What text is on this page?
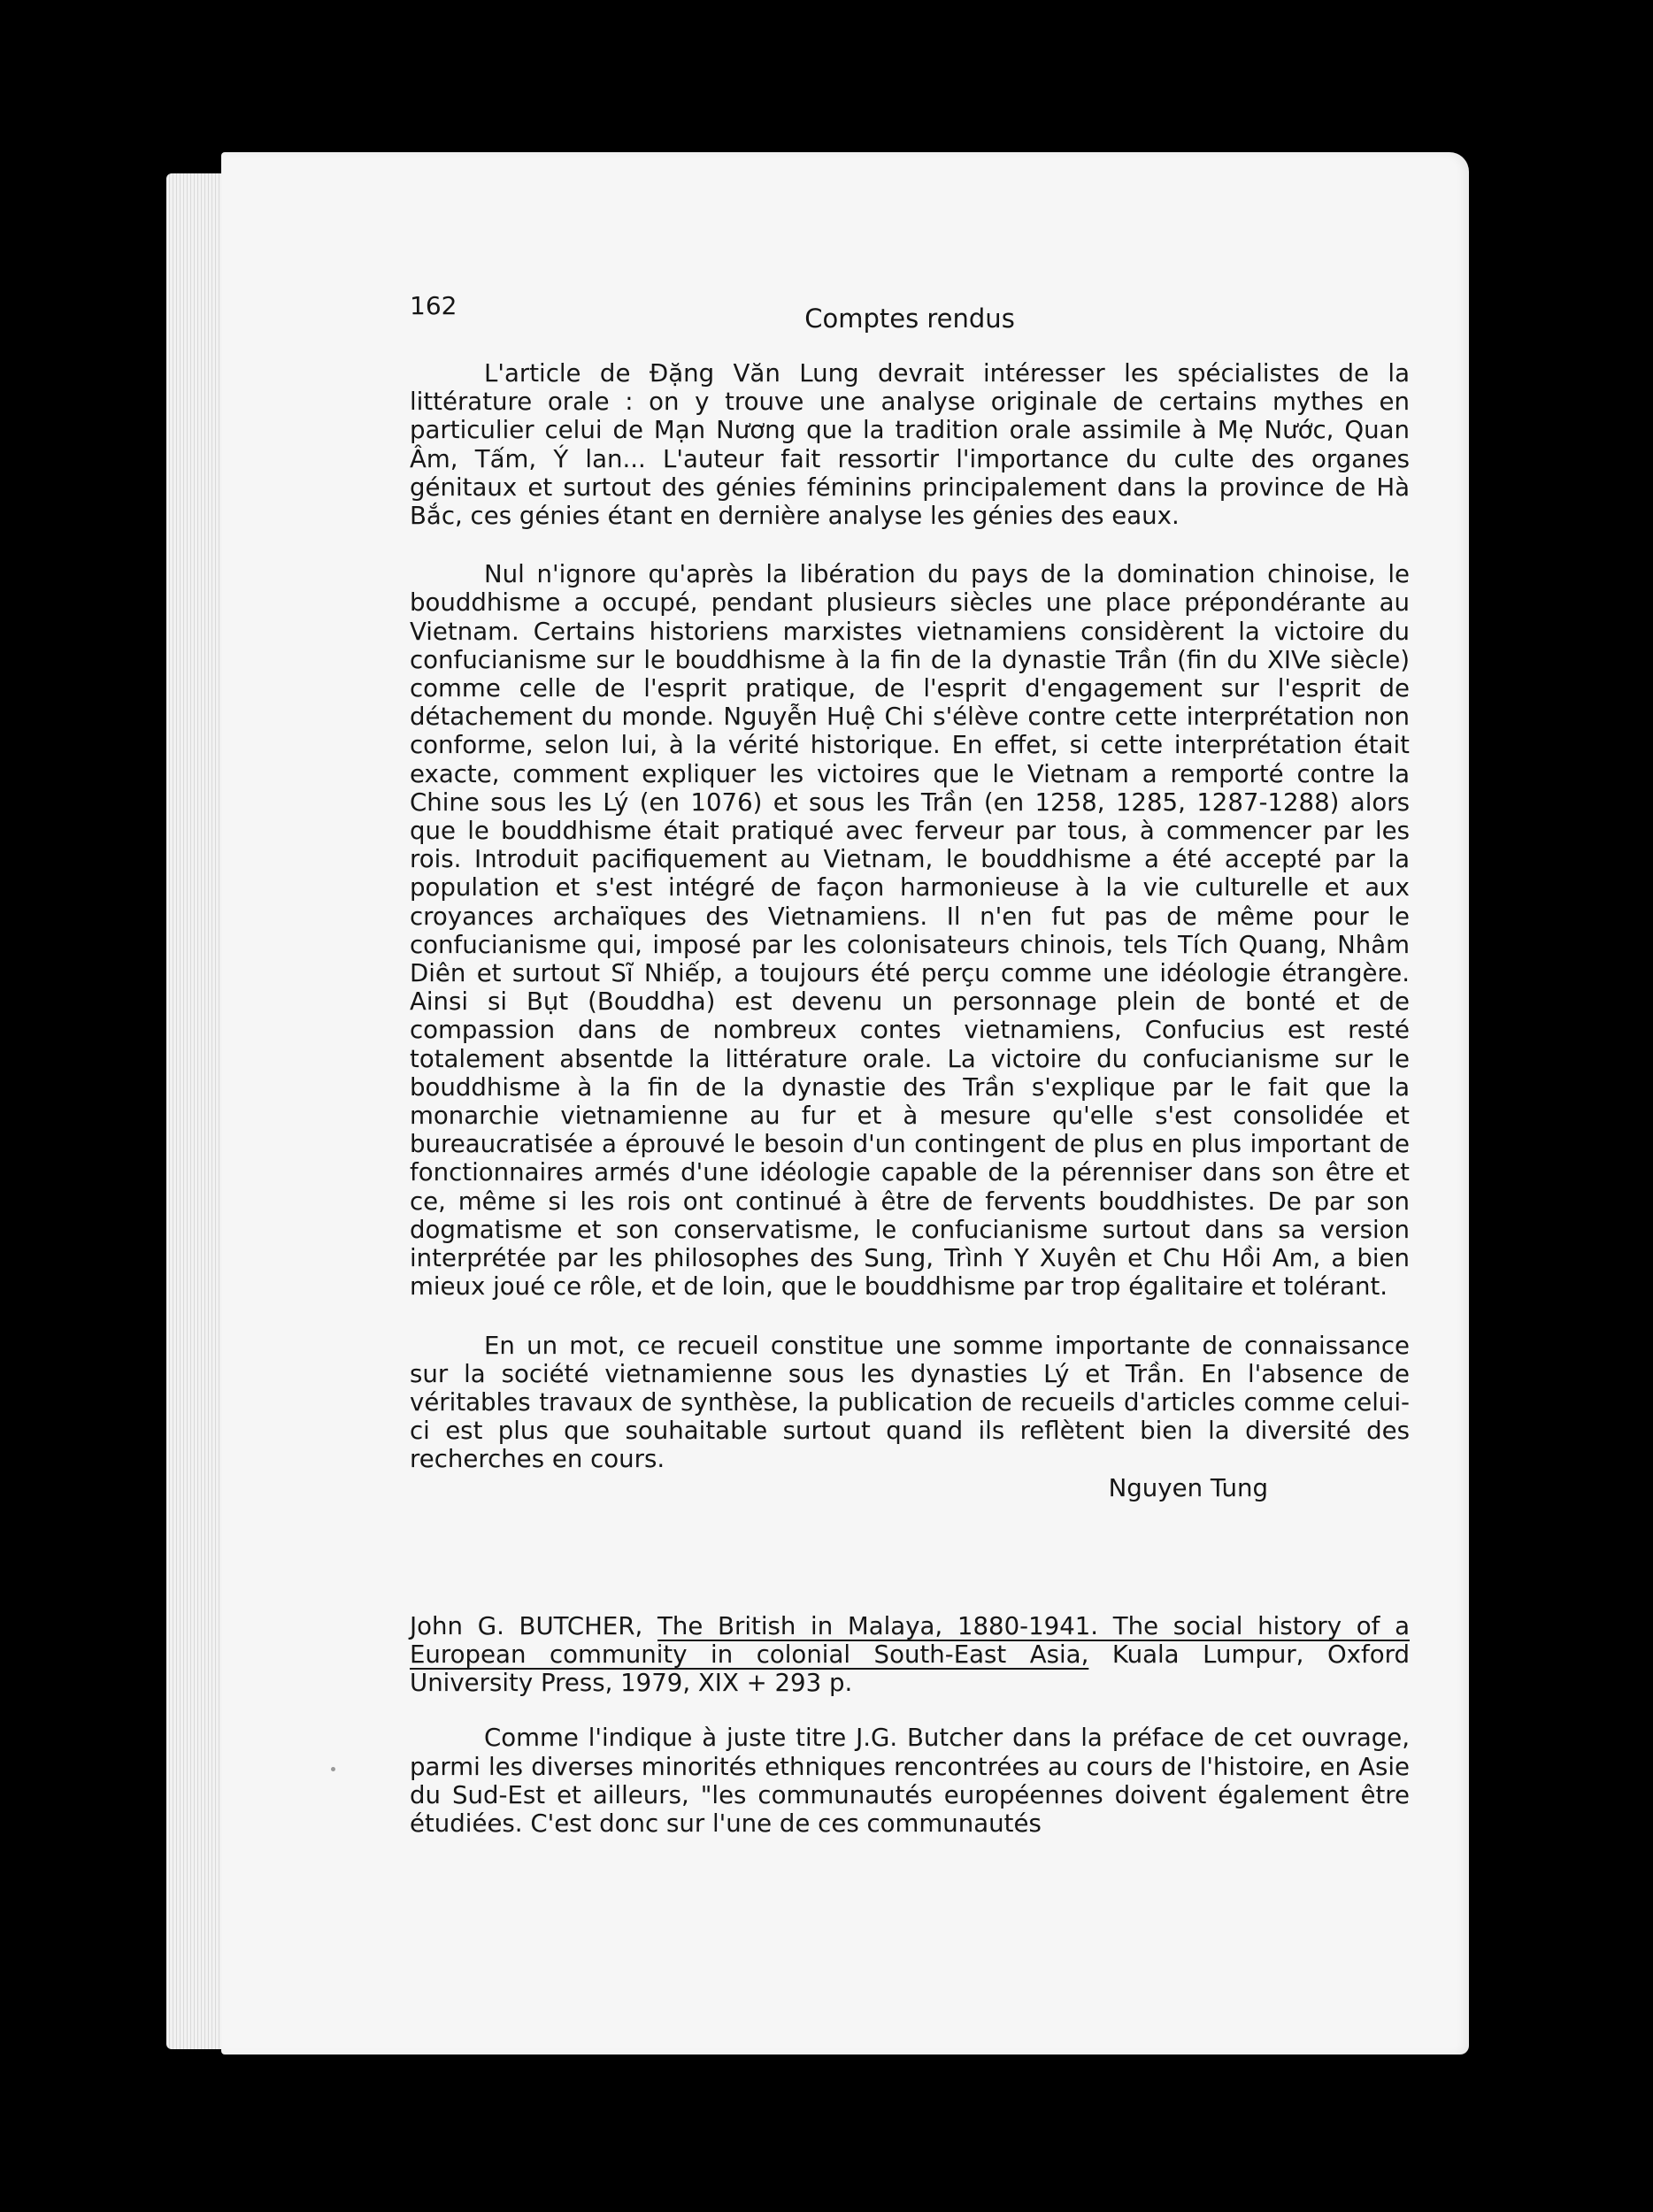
162	Comptes rendus

L'article de Đặng Văn Lung devrait intéresser les spécialistes de la littérature orale : on y trouve une analyse originale de certains mythes en particulier celui de Mạn Nương que la tradition orale assimile à Mẹ Nước, Quan Âm, Tấm, Ý lan... L'auteur fait ressortir l'importance du culte des organes génitaux et surtout des génies féminins principalement dans la province de Hà Bắc, ces génies étant en dernière analyse les génies des eaux.

Nul n'ignore qu'après la libération du pays de la domination chinoise, le bouddhisme a occupé, pendant plusieurs siècles une place prépondérante au Vietnam. Certains historiens marxistes vietnamiens considèrent la victoire du confucianisme sur le bouddhisme à la fin de la dynastie Trần (fin du XIVe siècle) comme celle de l'esprit pratique, de l'esprit d'engagement sur l'esprit de détachement du monde. Nguyễn Huệ Chi s'élève contre cette interprétation non conforme, selon lui, à la vérité historique. En effet, si cette interprétation était exacte, comment expliquer les victoires que le Vietnam a remporté contre la Chine sous les Lý (en 1076) et sous les Trần (en 1258, 1285, 1287-1288) alors que le bouddhisme était pratiqué avec ferveur par tous, à commencer par les rois. Introduit pacifiquement au Vietnam, le bouddhisme a été accepté par la population et s'est intégré de façon harmonieuse à la vie culturelle et aux croyances archaïques des Vietnamiens. Il n'en fut pas de même pour le confucianisme qui, imposé par les colonisateurs chinois, tels Tích Quang, Nhâm Diên et surtout Sĩ Nhiếp, a toujours été perçu comme une idéologie étrangère. Ainsi si Bụt (Bouddha) est devenu un personnage plein de bonté et de compassion dans de nombreux contes vietnamiens, Confucius est resté totalement absentde la littérature orale. La victoire du confucianisme sur le bouddhisme à la fin de la dynastie des Trần s'explique par le fait que la monarchie vietnamienne au fur et à mesure qu'elle s'est consolidée et bureaucratisée a éprouvé le besoin d'un contingent de plus en plus important de fonctionnaires armés d'une idéologie capable de la pérenniser dans son être et ce, même si les rois ont continué à être de fervents bouddhistes. De par son dogmatisme et son conservatisme, le confucianisme surtout dans sa version interprétée par les philosophes des Sung, Trình Y Xuyên et Chu Hồi Am, a bien mieux joué ce rôle, et de loin, que le bouddhisme par trop égalitaire et tolérant.

En un mot, ce recueil constitue une somme importante de connaissance sur la société vietnamienne sous les dynasties Lý et Trần. En l'absence de véritables travaux de synthèse, la publication de recueils d'articles comme celui-ci est plus que souhaitable surtout quand ils reflètent bien la diversité des recherches en cours.

Nguyen Tung

John G. BUTCHER, The British in Malaya, 1880-1941. The social history of a European community in colonial South-East Asia, Kuala Lumpur, Oxford University Press, 1979, XIX + 293 p.

Comme l'indique à juste titre J.G. Butcher dans la préface de cet ouvrage, parmi les diverses minorités ethniques rencontrées au cours de l'histoire, en Asie du Sud-Est et ailleurs, "les communautés européennes doivent également être étudiées. C'est donc sur l'une de ces communautés
